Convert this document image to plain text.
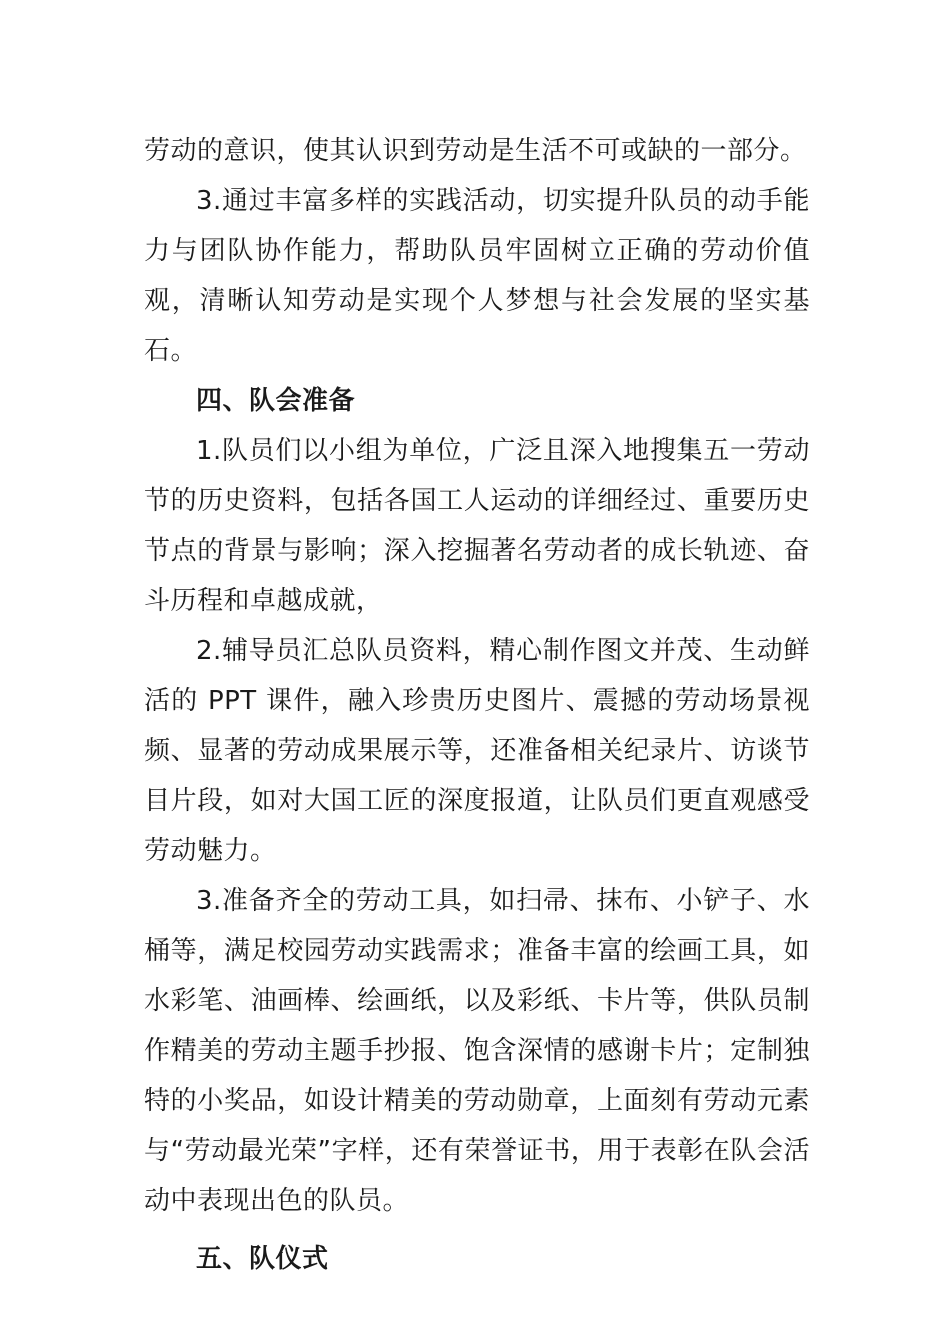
劳动的意识，使其认识到劳动是生活不可或缺的一部分。

3.通过丰富多样的实践活动，切实提升队员的动手能力与团队协作能力，帮助队员牢固树立正确的劳动价值观，清晰认知劳动是实现个人梦想与社会发展的坚实基石。

四、队会准备

1.队员们以小组为单位，广泛且深入地搜集五一劳动节的历史资料，包括各国工人运动的详细经过、重要历史节点的背景与影响；深入挖掘著名劳动者的成长轨迹、奋斗历程和卓越成就，

2.辅导员汇总队员资料，精心制作图文并茂、生动鲜活的 PPT 课件，融入珍贵历史图片、震撼的劳动场景视频、显著的劳动成果展示等，还准备相关纪录片、访谈节目片段，如对大国工匠的深度报道，让队员们更直观感受劳动魅力。

3.准备齐全的劳动工具，如扫帚、抹布、小铲子、水桶等，满足校园劳动实践需求；准备丰富的绘画工具，如水彩笔、油画棒、绘画纸，以及彩纸、卡片等，供队员制作精美的劳动主题手抄报、饱含深情的感谢卡片；定制独特的小奖品，如设计精美的劳动勋章，上面刻有劳动元素与“劳动最光荣”字样，还有荣誉证书，用于表彰在队会活动中表现出色的队员。

五、队仪式
